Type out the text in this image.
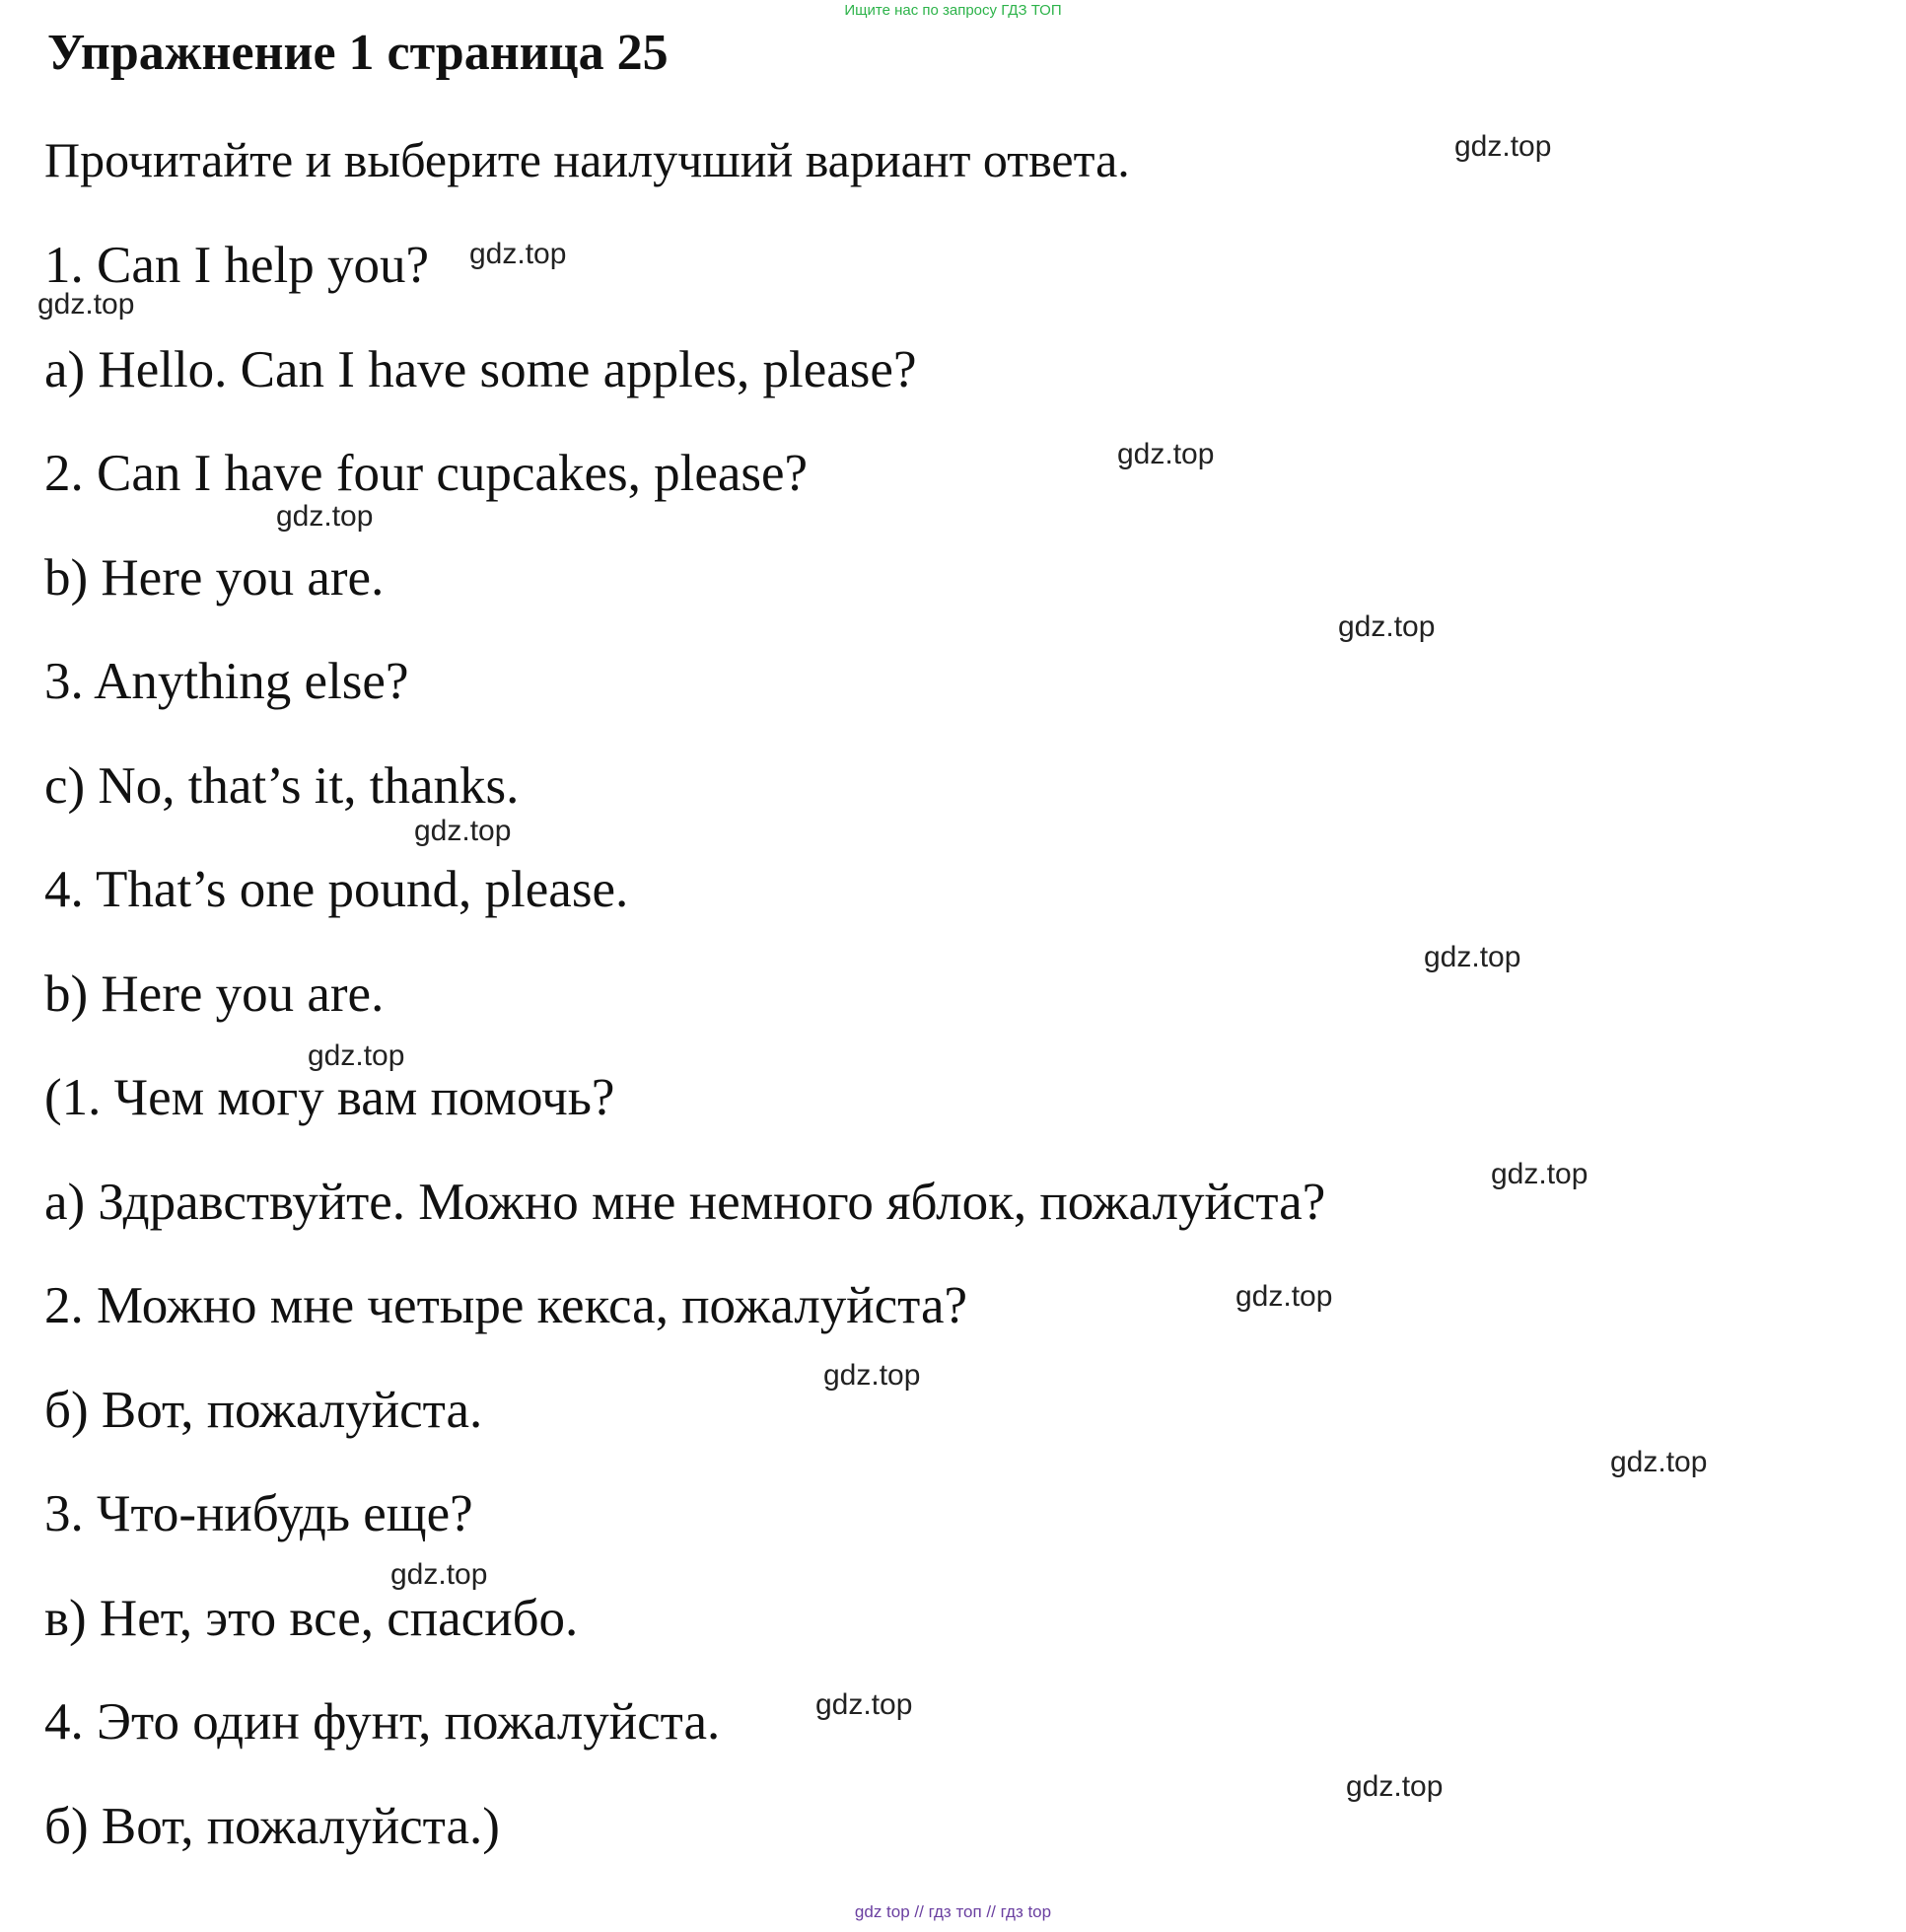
Ищите нас по запросу ГДЗ ТОП
Упражнение 1 страница 25
Прочитайте и выберите наилучший вариант ответа.
1. Can I help you?
a) Hello. Can I have some apples, please?
2. Can I have four cupcakes, please?
b) Here you are.
3. Anything else?
c) No, that’s it, thanks.
4. That’s one pound, please.
b) Here you are.
(1. Чем могу вам помочь?
а) Здравствуйте. Можно мне немного яблок, пожалуйста?
2. Можно мне четыре кекса, пожалуйста?
б) Вот, пожалуйста.
3. Что-нибудь еще?
в) Нет, это все, спасибо.
4. Это один фунт, пожалуйста.
б) Вот, пожалуйста.)
gdz.top
gdz.top
gdz.top
gdz.top
gdz.top
gdz.top
gdz.top
gdz.top
gdz.top
gdz.top
gdz.top
gdz.top
gdz.top
gdz.top
gdz.top
gdz.top
gdz top // гдз топ // гдз top
